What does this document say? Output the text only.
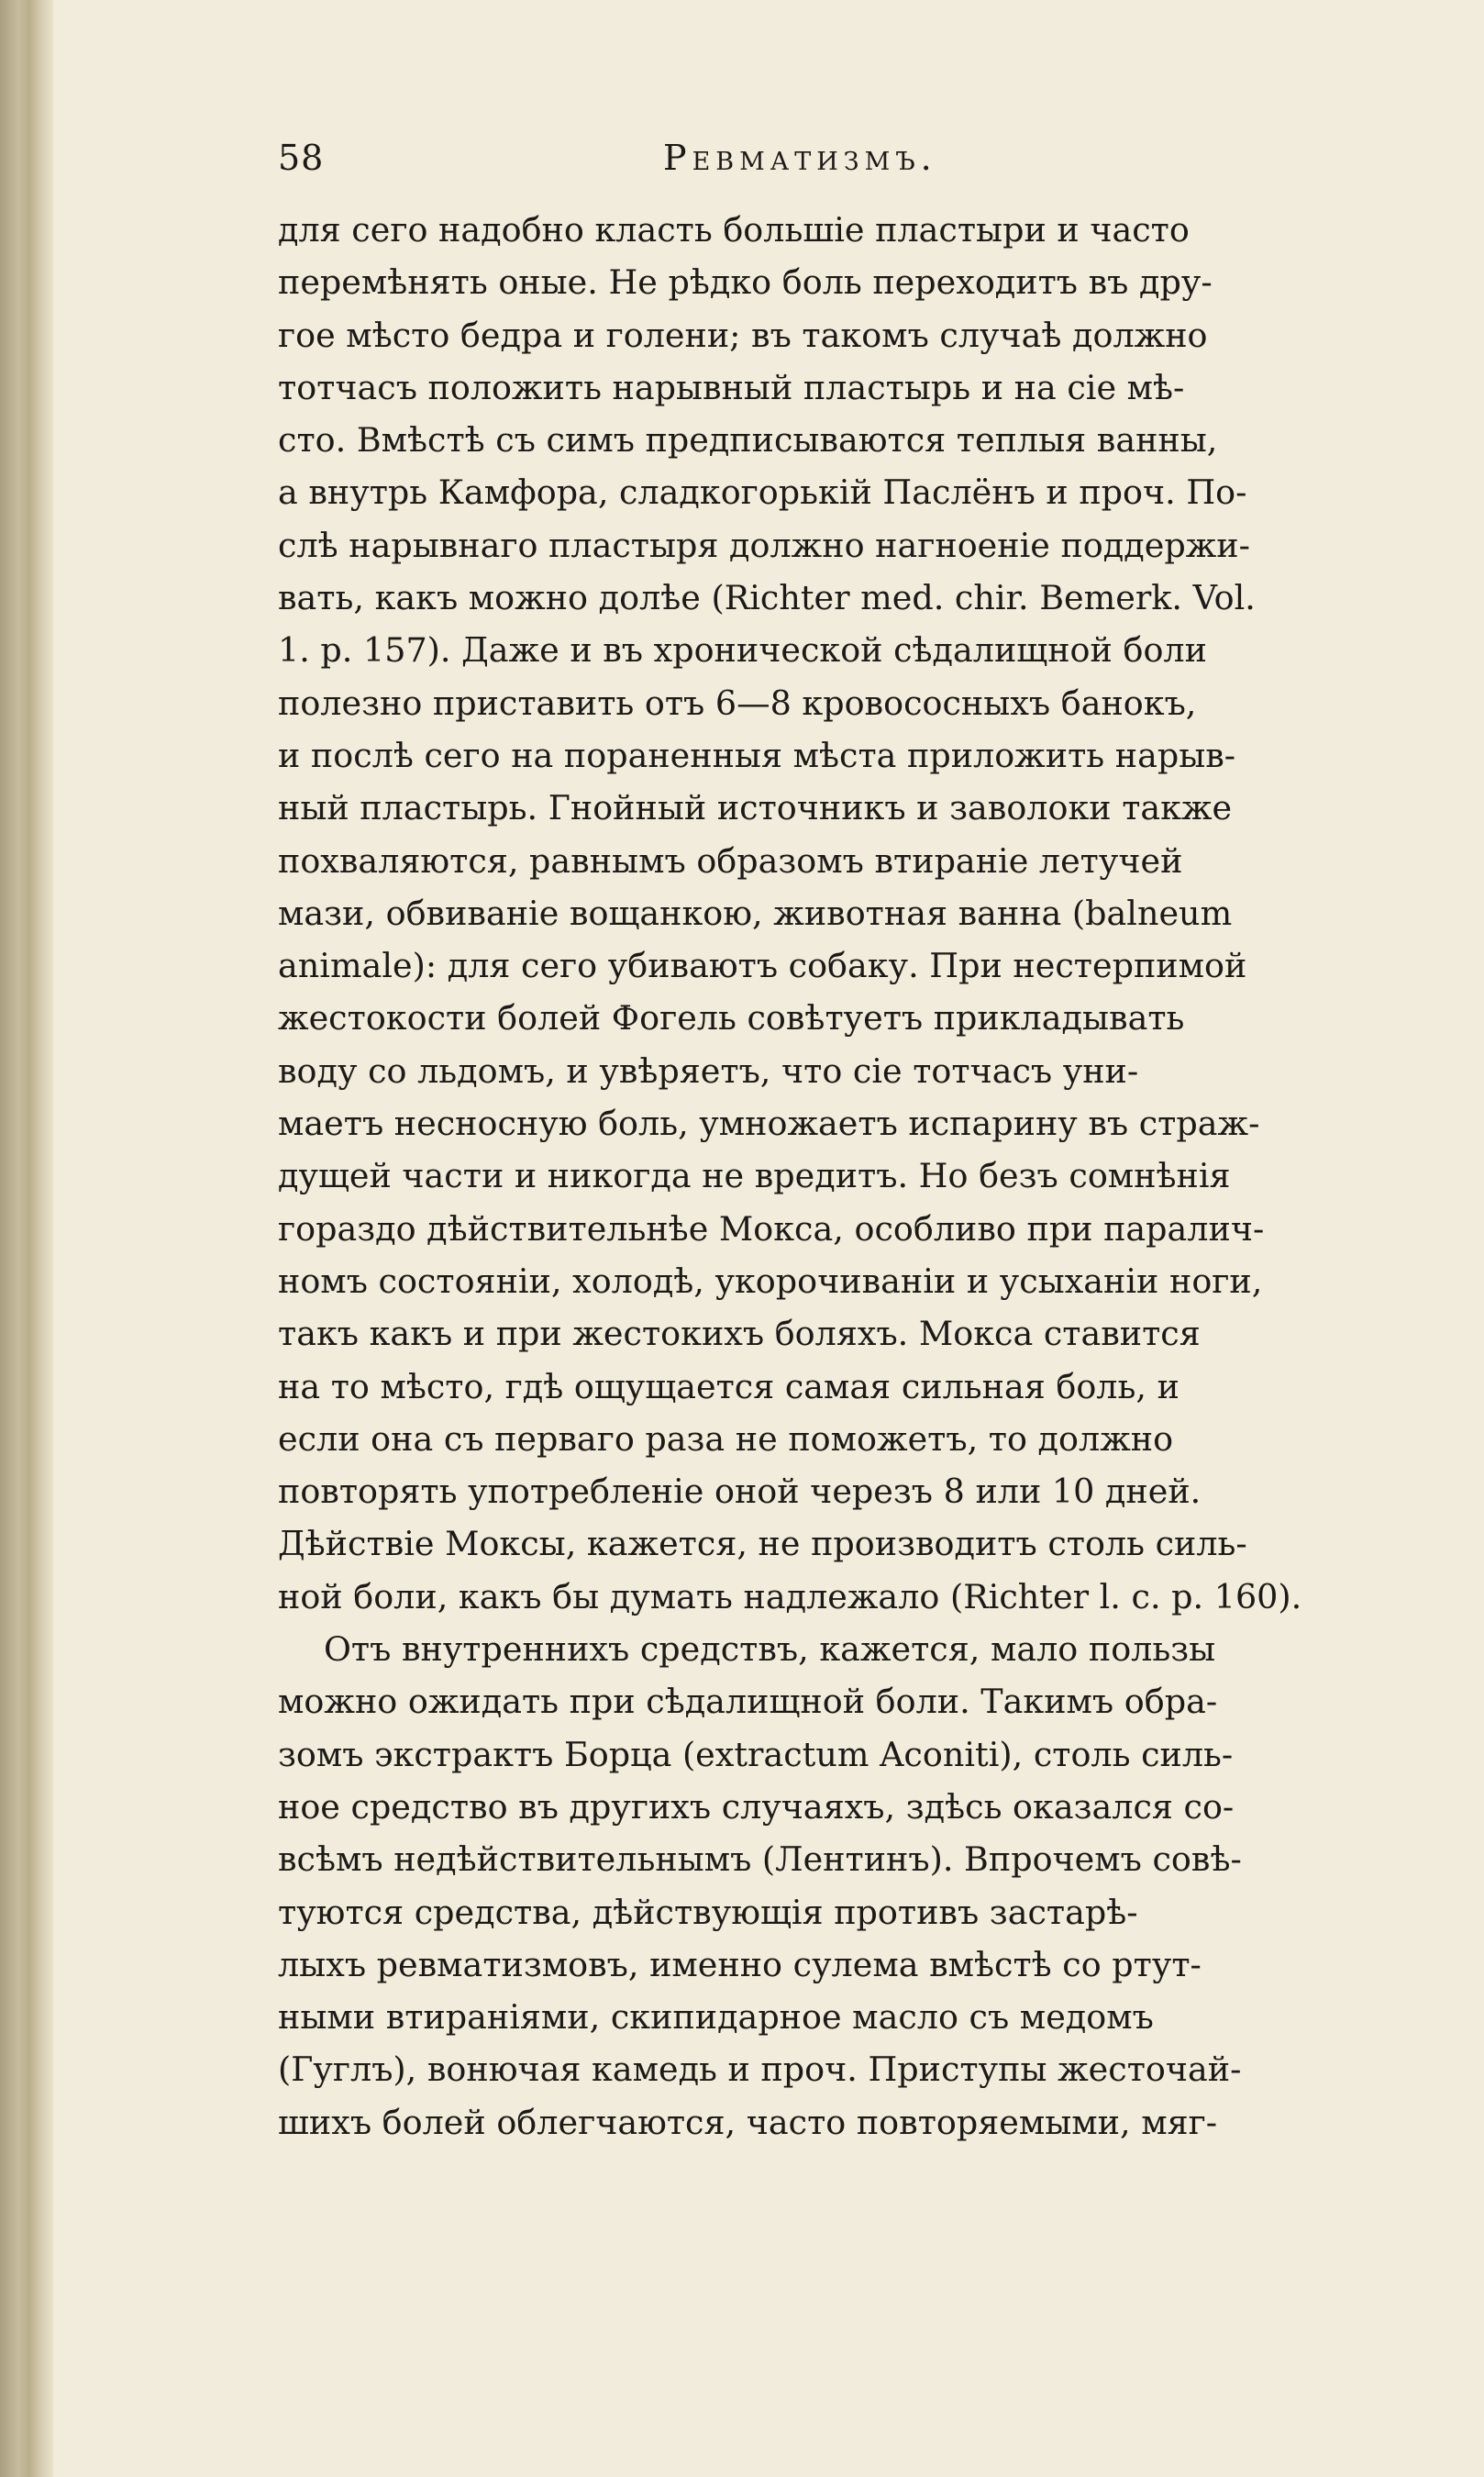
58	Ревматизмъ.
для сего надобно класть большіе пластыри и часто
перемѣнять оные. Не рѣдко боль переходитъ въ дру-
гое мѣсто бедра и голени; въ такомъ случаѣ должно
тотчасъ положить нарывный пластырь и на сіе мѣ-
сто. Вмѣстѣ съ симъ предписываются теплыя ванны,
а внутрь Камфора, сладкогорькій Паслёнъ и проч. По-
слѣ нарывнаго пластыря должно нагноеніе поддержи-
вать, какъ можно долѣе (Richter med. chir. Bemerk. Vol.
1. p. 157). Даже и въ хронической сѣдалищной боли
полезно приставить отъ 6—8 кровососныхъ банокъ,
и послѣ сего на пораненныя мѣста приложить нарыв-
ный пластырь. Гнойный источникъ и заволоки также
похваляются, равнымъ образомъ втираніе летучей
мази, обвиваніе вощанкою, животная ванна (balneum
animale): для сего убиваютъ собаку. При нестерпимой
жестокости болей Фогель совѣтуетъ прикладывать
воду со льдомъ, и увѣряетъ, что сіе тотчасъ уни-
маетъ несносную боль, умножаетъ испарину въ страж-
дущей части и никогда не вредитъ. Но безъ сомнѣнія
гораздо дѣйствительнѣе Мокса, особливо при паралич-
номъ состояніи, холодѣ, укорочиваніи и усыханіи ноги,
такъ какъ и при жестокихъ боляхъ. Мокса ставится
на то мѣсто, гдѣ ощущается самая сильная боль, и
если она съ перваго раза не поможетъ, то должно
повторять употребленіе оной черезъ 8 или 10 дней.
Дѣйствіе Моксы, кажется, не производитъ столь силь-
ной боли, какъ бы думать надлежало (Richter l. c. p. 160).
Отъ внутреннихъ средствъ, кажется, мало пользы
можно ожидать при сѣдалищной боли. Такимъ обра-
зомъ экстрактъ Борца (extractum Aconiti), столь силь-
ное средство въ другихъ случаяхъ, здѣсь оказался со-
всѣмъ недѣйствительнымъ (Лентинъ). Впрочемъ совѣ-
туются средства, дѣйствующія противъ застарѣ-
лыхъ ревматизмовъ, именно сулема вмѣстѣ со ртут-
ными втираніями, скипидарное масло съ медомъ
(Гуглъ), вонючая камедь и проч. Приступы жесточай-
шихъ болей облегчаются, часто повторяемыми, мяг-
